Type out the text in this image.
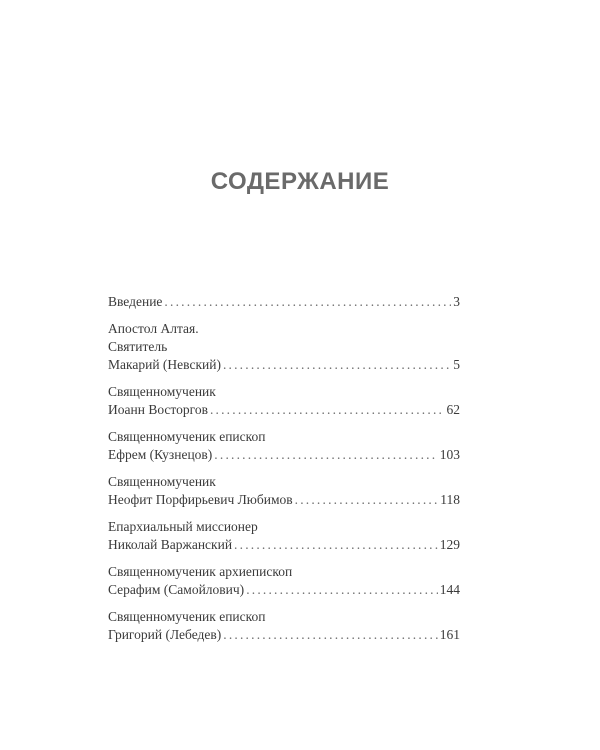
СОДЕРЖАНИЕ
Введение .....	3
Апостол Алтая.
Святитель
Макарий (Невский) .....	5
Священномученик
Иоанн Восторгов .....	62
Священномученик епископ
Ефрем (Кузнецов) .....	103
Священномученик
Неофит Порфирьевич Любимов .....	118
Епархиальный миссионер
Николай Варжанский .....	129
Священномученик архиепископ
Серафим (Самойлович) .....	144
Священномученик епископ
Григорий (Лебедев) .....	161
